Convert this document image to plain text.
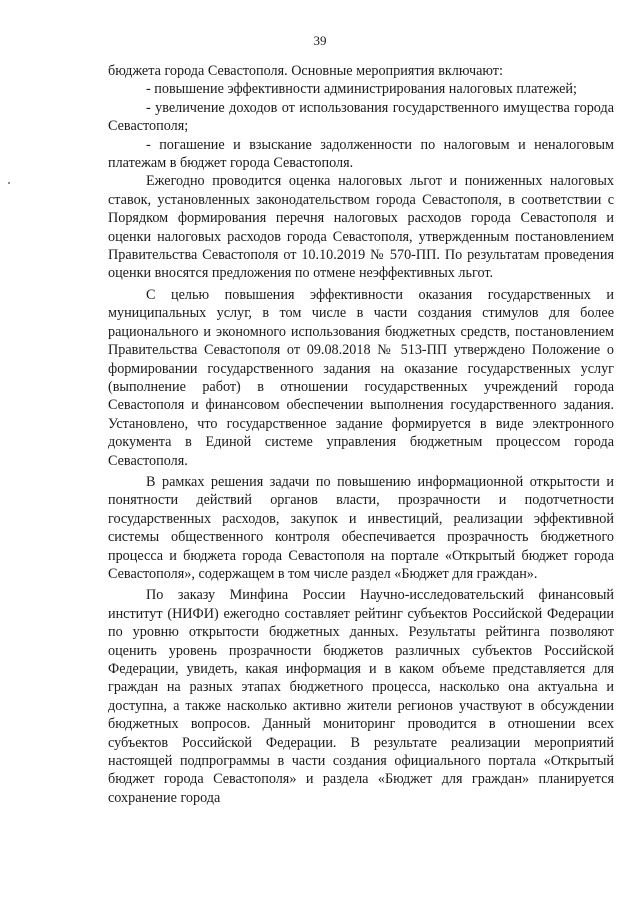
39

бюджета города Севастополя. Основные мероприятия включают:

- повышение эффективности администрирования налоговых платежей;

- увеличение доходов от использования государственного имущества города Севастополя;

- погашение и взыскание задолженности по налоговым и неналоговым платежам в бюджет города Севастополя.

Ежегодно проводится оценка налоговых льгот и пониженных налоговых ставок, установленных законодательством города Севастополя, в соответствии с Порядком формирования перечня налоговых расходов города Севастополя и оценки налоговых расходов города Севастополя, утвержденным постановлением Правительства Севастополя от 10.10.2019 № 570-ПП. По результатам проведения оценки вносятся предложения по отмене неэффективных льгот.

С целью повышения эффективности оказания государственных и муниципальных услуг, в том числе в части создания стимулов для более рационального и экономного использования бюджетных средств, постановлением Правительства Севастополя от 09.08.2018 № 513-ПП утверждено Положение о формировании государственного задания на оказание государственных услуг (выполнение работ) в отношении государственных учреждений города Севастополя и финансовом обеспечении выполнения государственного задания. Установлено, что государственное задание формируется в виде электронного документа в Единой системе управления бюджетным процессом города Севастополя.

В рамках решения задачи по повышению информационной открытости и понятности действий органов власти, прозрачности и подотчетности государственных расходов, закупок и инвестиций, реализации эффективной системы общественного контроля обеспечивается прозрачность бюджетного процесса и бюджета города Севастополя на портале «Открытый бюджет города Севастополя», содержащем в том числе раздел «Бюджет для граждан».

По заказу Минфина России Научно-исследовательский финансовый институт (НИФИ) ежегодно составляет рейтинг субъектов Российской Федерации по уровню открытости бюджетных данных. Результаты рейтинга позволяют оценить уровень прозрачности бюджетов различных субъектов Российской Федерации, увидеть, какая информация и в каком объеме представляется для граждан на разных этапах бюджетного процесса, насколько она актуальна и доступна, а также насколько активно жители регионов участвуют в обсуждении бюджетных вопросов. Данный мониторинг проводится в отношении всех субъектов Российской Федерации. В результате реализации мероприятий настоящей подпрограммы в части создания официального портала «Открытый бюджет города Севастополя» и раздела «Бюджет для граждан» планируется сохранение города
